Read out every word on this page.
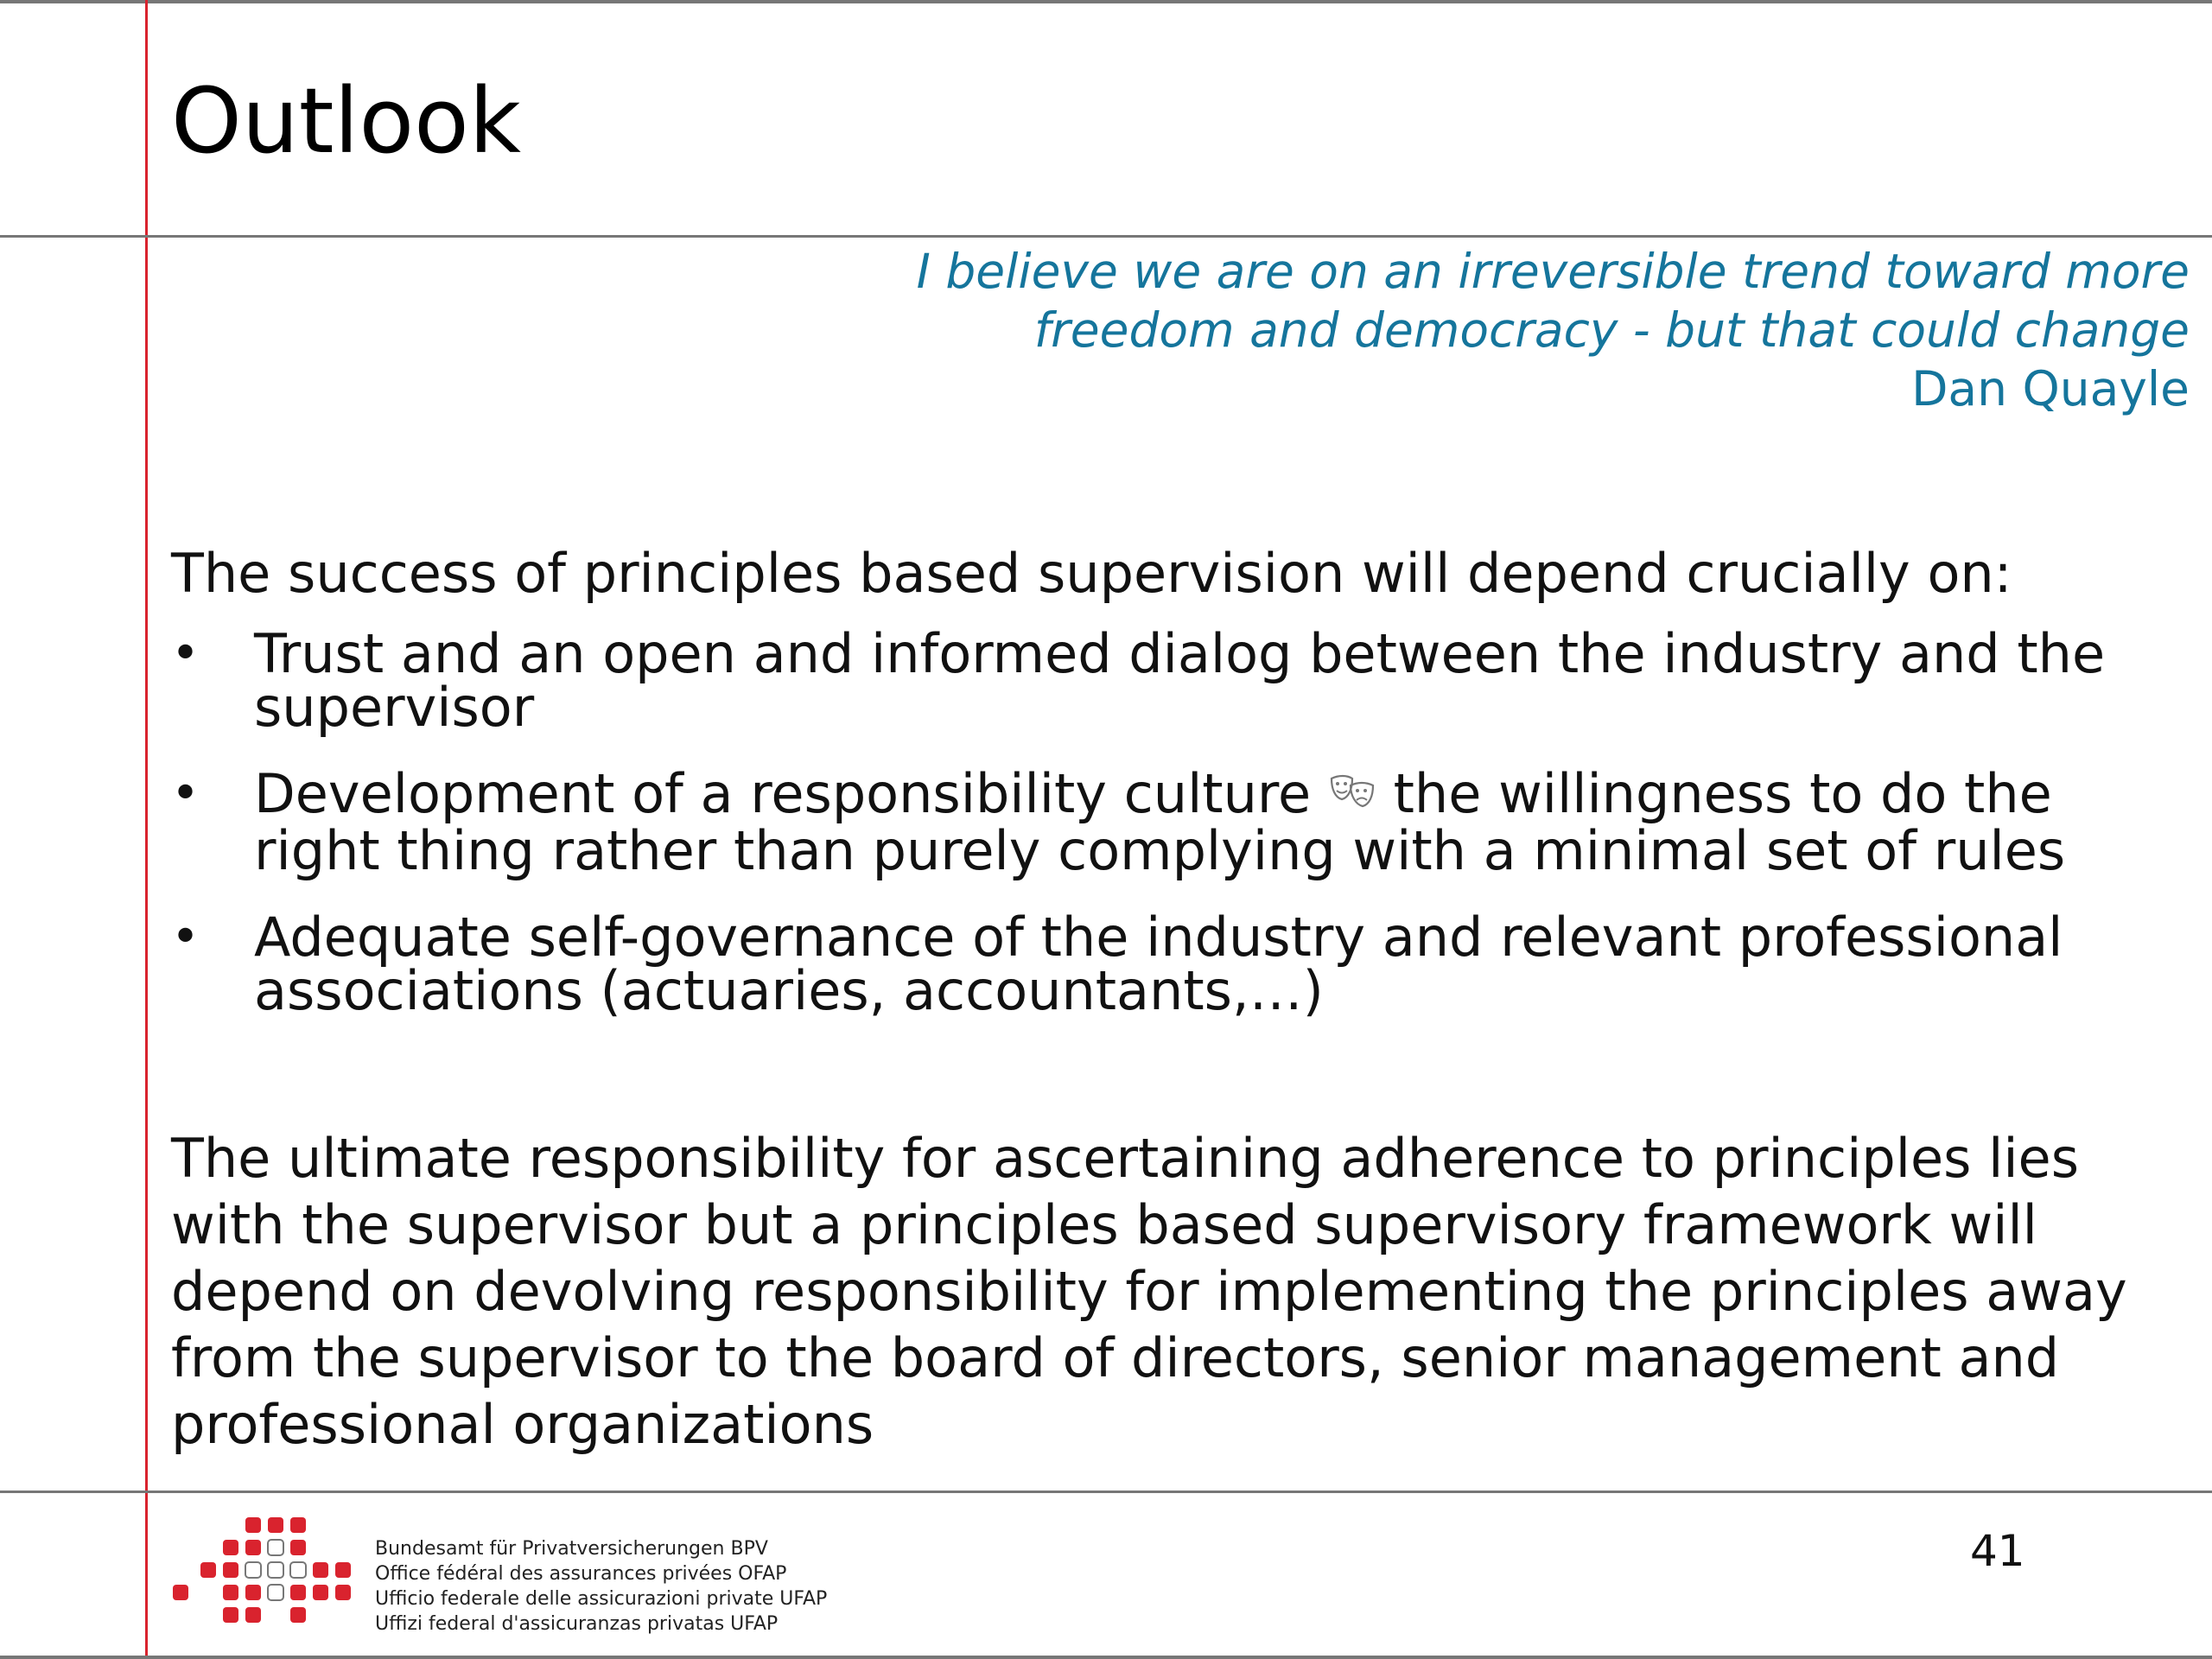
Outlook
I believe we are on an irreversible trend toward more
freedom and democracy - but that could change
Dan Quayle
The success of principles based supervision will depend crucially on:
• Trust and an open and informed dialog between the industry and the supervisor
• Development of a responsibility culture the willingness to do the right thing rather than purely complying with a minimal set of rules
• Adequate self-governance of the industry and relevant professional associations (actuaries, accountants,…)
The ultimate responsibility for ascertaining adherence to principles lies with the supervisor but a principles based supervisory framework will depend on devolving responsibility for implementing the principles away from the supervisor to the board of directors, senior management and professional organizations
Bundesamt für Privatversicherungen BPV
Office fédéral des assurances privées OFAP
Ufficio federale delle assicurazioni private UFAP
Uffizi federal d'assicuranzas privatas UFAP
41
